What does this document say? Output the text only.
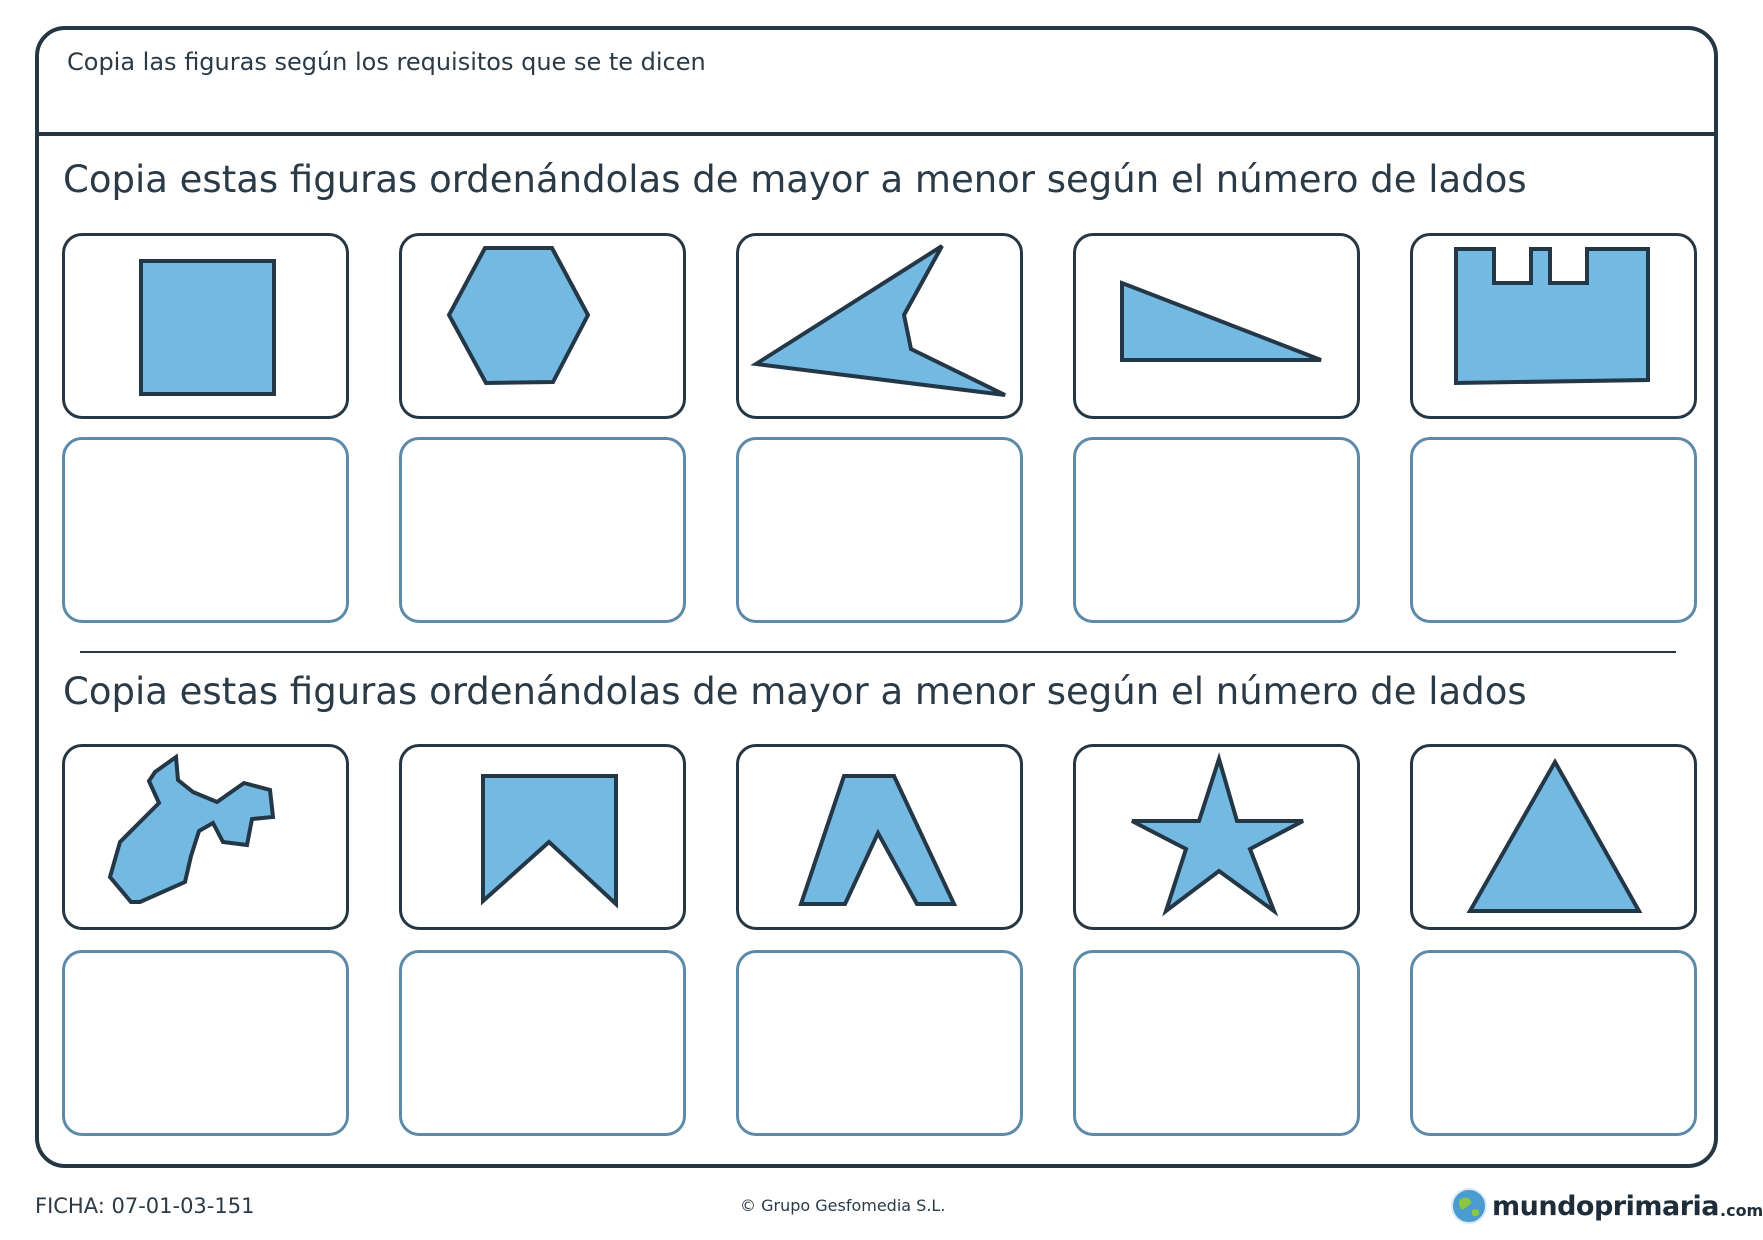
Copia las figuras según los requisitos que se te dicen
Copia estas figuras ordenándolas de mayor a menor según el número de lados
Copia estas figuras ordenándolas de mayor a menor según el número de lados
FICHA: 07-01-03-151	© Grupo Gesfomedia S.L.	mundoprimaria .com
